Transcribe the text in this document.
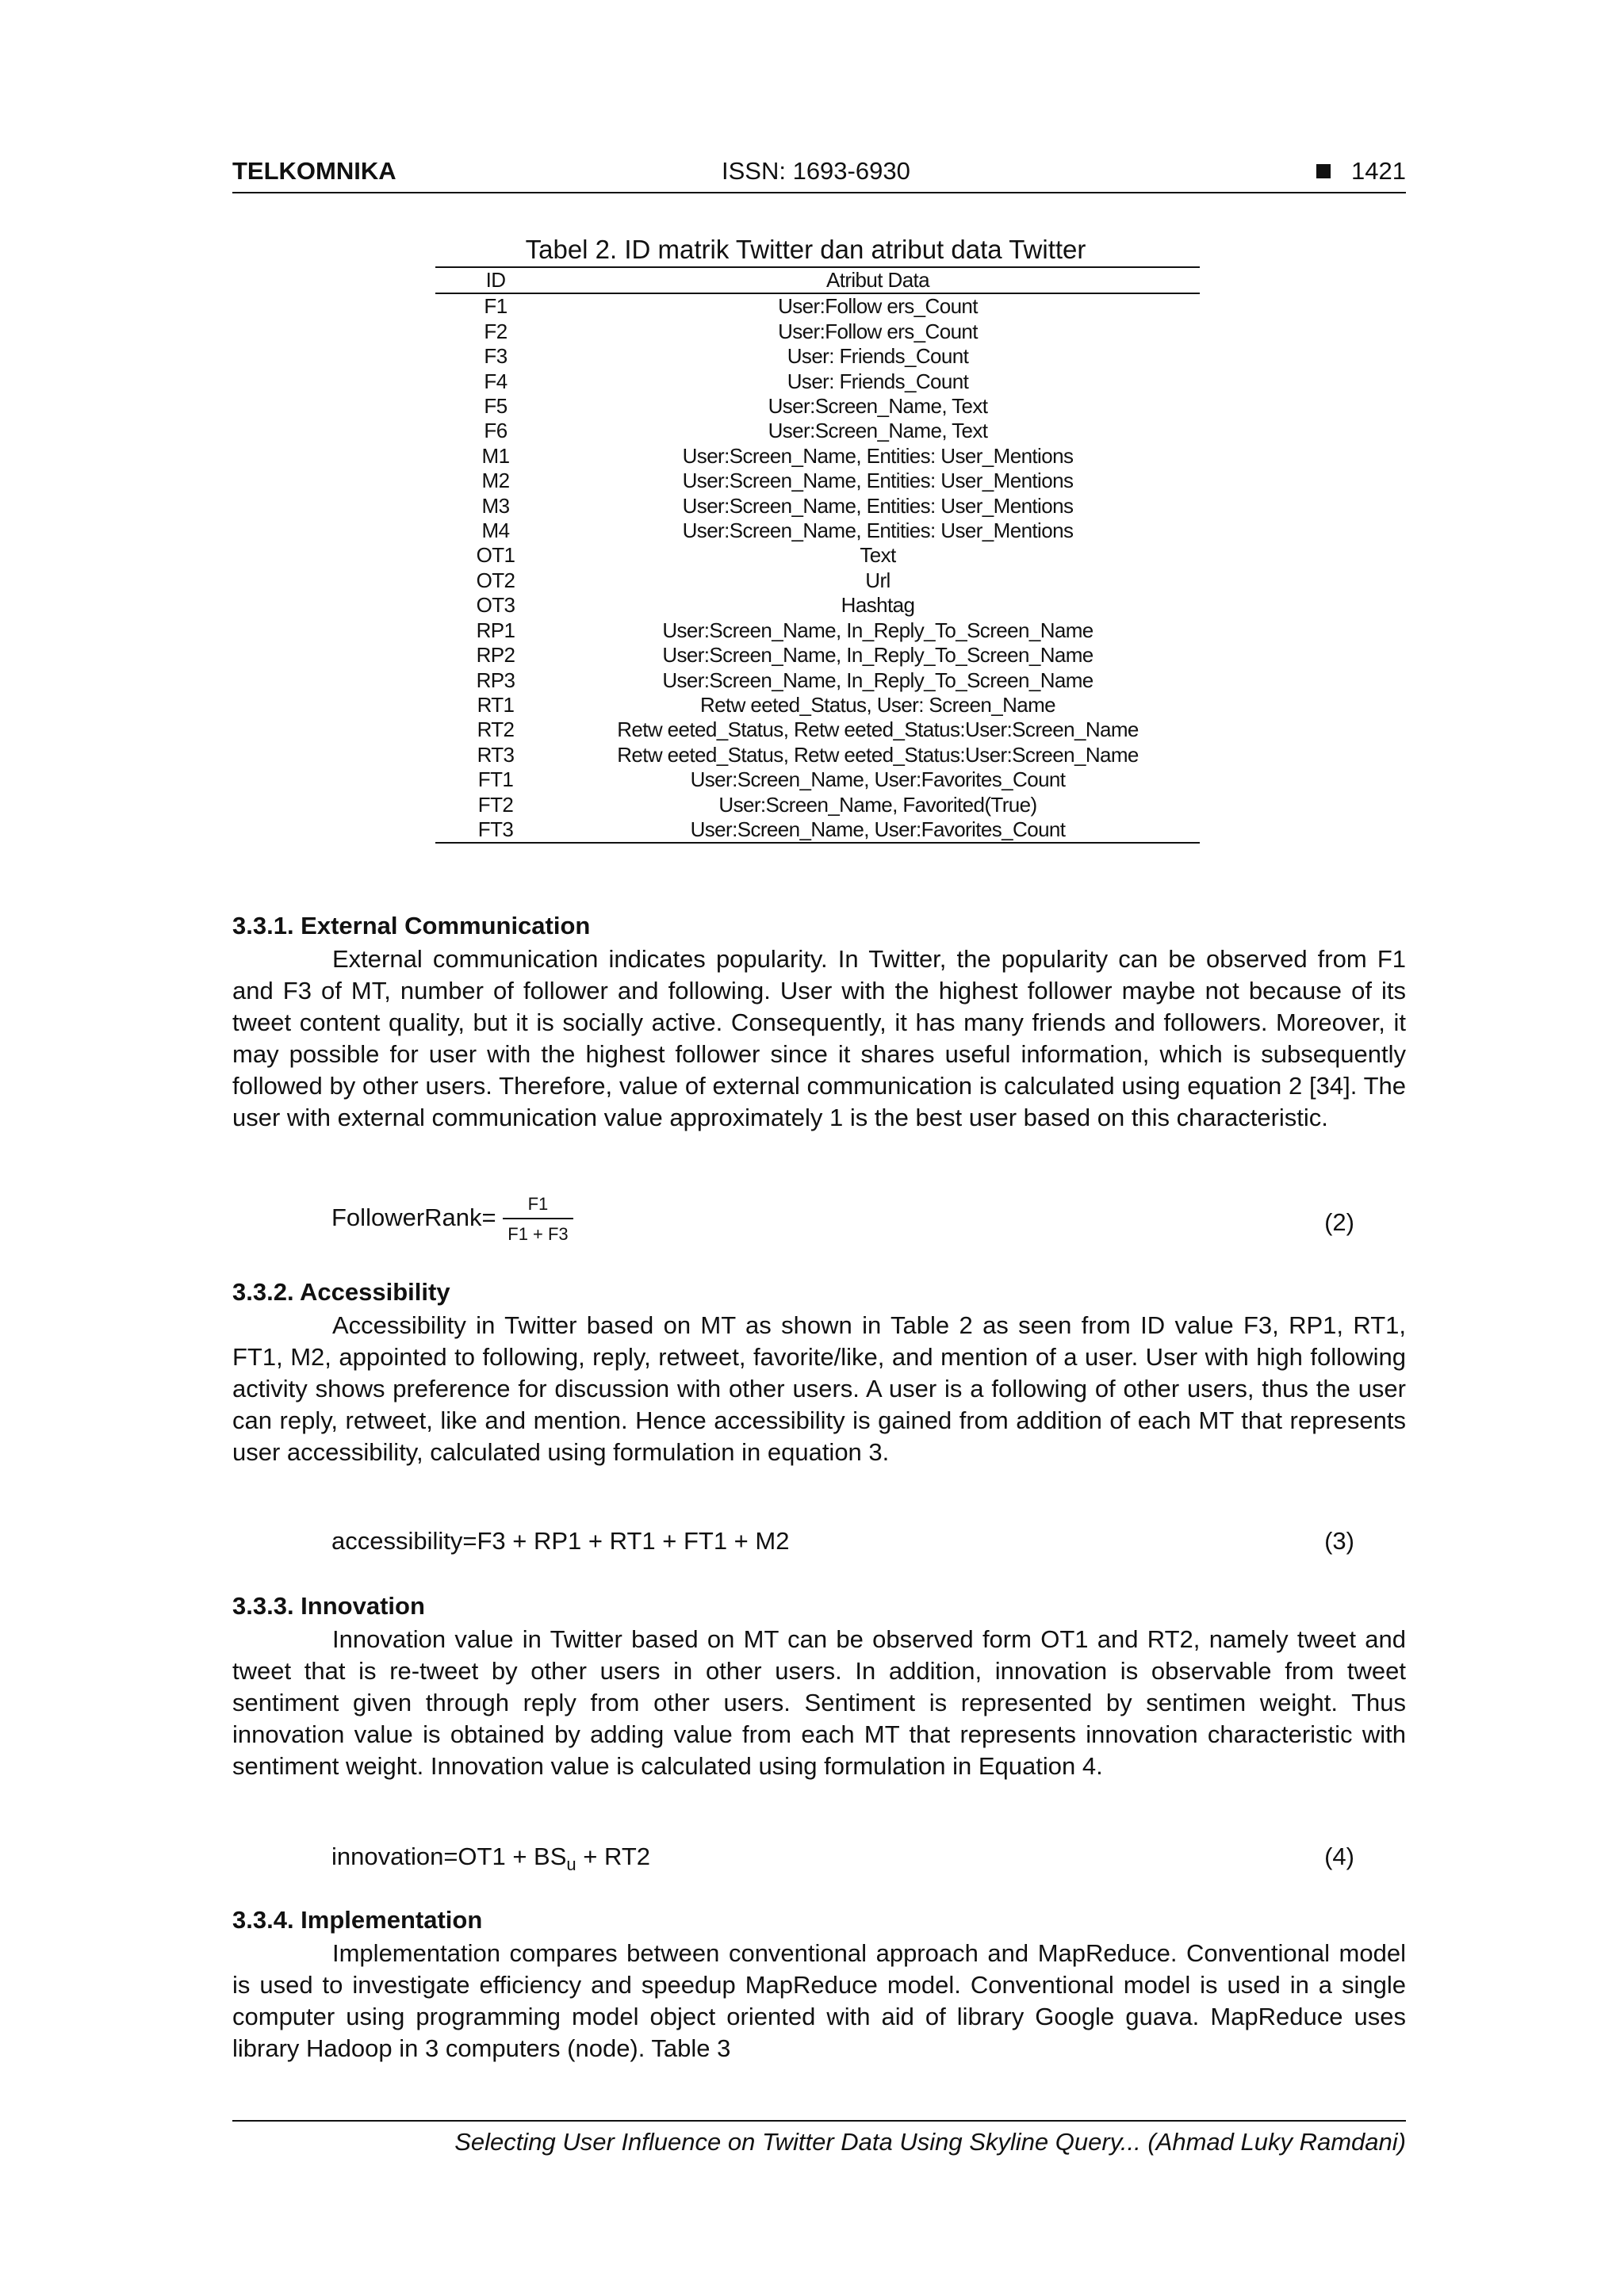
TELKOMNIKA	ISSN: 1693-6930	1421
Tabel 2. ID matrik Twitter dan atribut data Twitter
ID	Atribut Data
F1	User:Follow ers_Count
F2	User:Follow ers_Count
F3	User: Friends_Count
F4	User: Friends_Count
F5	User:Screen_Name, Text
F6	User:Screen_Name, Text
M1	User:Screen_Name, Entities: User_Mentions
M2	User:Screen_Name, Entities: User_Mentions
M3	User:Screen_Name, Entities: User_Mentions
M4	User:Screen_Name, Entities: User_Mentions
OT1	Text
OT2	Url
OT3	Hashtag
RP1	User:Screen_Name, In_Reply_To_Screen_Name
RP2	User:Screen_Name, In_Reply_To_Screen_Name
RP3	User:Screen_Name, In_Reply_To_Screen_Name
RT1	Retw eeted_Status, User: Screen_Name
RT2	Retw eeted_Status, Retw eeted_Status:User:Screen_Name
RT3	Retw eeted_Status, Retw eeted_Status:User:Screen_Name
FT1	User:Screen_Name, User:Favorites_Count
FT2	User:Screen_Name, Favorited(True)
FT3	User:Screen_Name, User:Favorites_Count
3.3.1. External Communication

External communication indicates popularity. In Twitter, the popularity can be observed from F1 and F3 of MT, number of follower and following. User with the highest follower maybe not because of its tweet content quality, but it is socially active. Consequently, it has many friends and followers. Moreover, it may possible for user with the highest follower since it shares useful information, which is subsequently followed by other users. Therefore, value of external communication is calculated using equation 2 [34]. The user with external communication value approximately 1 is the best user based on this characteristic.

FollowerRank= $\frac{F1}{F1 + F3}$	(2)
3.3.2. Accessibility

Accessibility in Twitter based on MT as shown in Table 2 as seen from ID value F3, RP1, RT1, FT1, M2, appointed to following, reply, retweet, favorite/like, and mention of a user. User with high following activity shows preference for discussion with other users. A user is a following of other users, thus the user can reply, retweet, like and mention. Hence accessibility is gained from addition of each MT that represents user accessibility, calculated using formulation in equation 3.

accessibility=F3 + RP1 + RT1 + FT1 + M2	(3)
3.3.3. Innovation

Innovation value in Twitter based on MT can be observed form OT1 and RT2, namely tweet and tweet that is re-tweet by other users in other users. In addition, innovation is observable from tweet sentiment given through reply from other users. Sentiment is represented by sentimen weight. Thus innovation value is obtained by adding value from each MT that represents innovation characteristic with sentiment weight. Innovation value is calculated using formulation in Equation 4.

innovation=OT1 + $BS_u + RT2$	(4)
3.3.4. Implementation

Implementation compares between conventional approach and MapReduce. Conventional model is used to investigate efficiency and speedup MapReduce model. Conventional model is used in a single computer using programming model object oriented with aid of library Google guava. MapReduce uses library Hadoop in 3 computers (node). Table 3

Selecting User Influence on Twitter Data Using Skyline Query... (Ahmad Luky Ramdani)
